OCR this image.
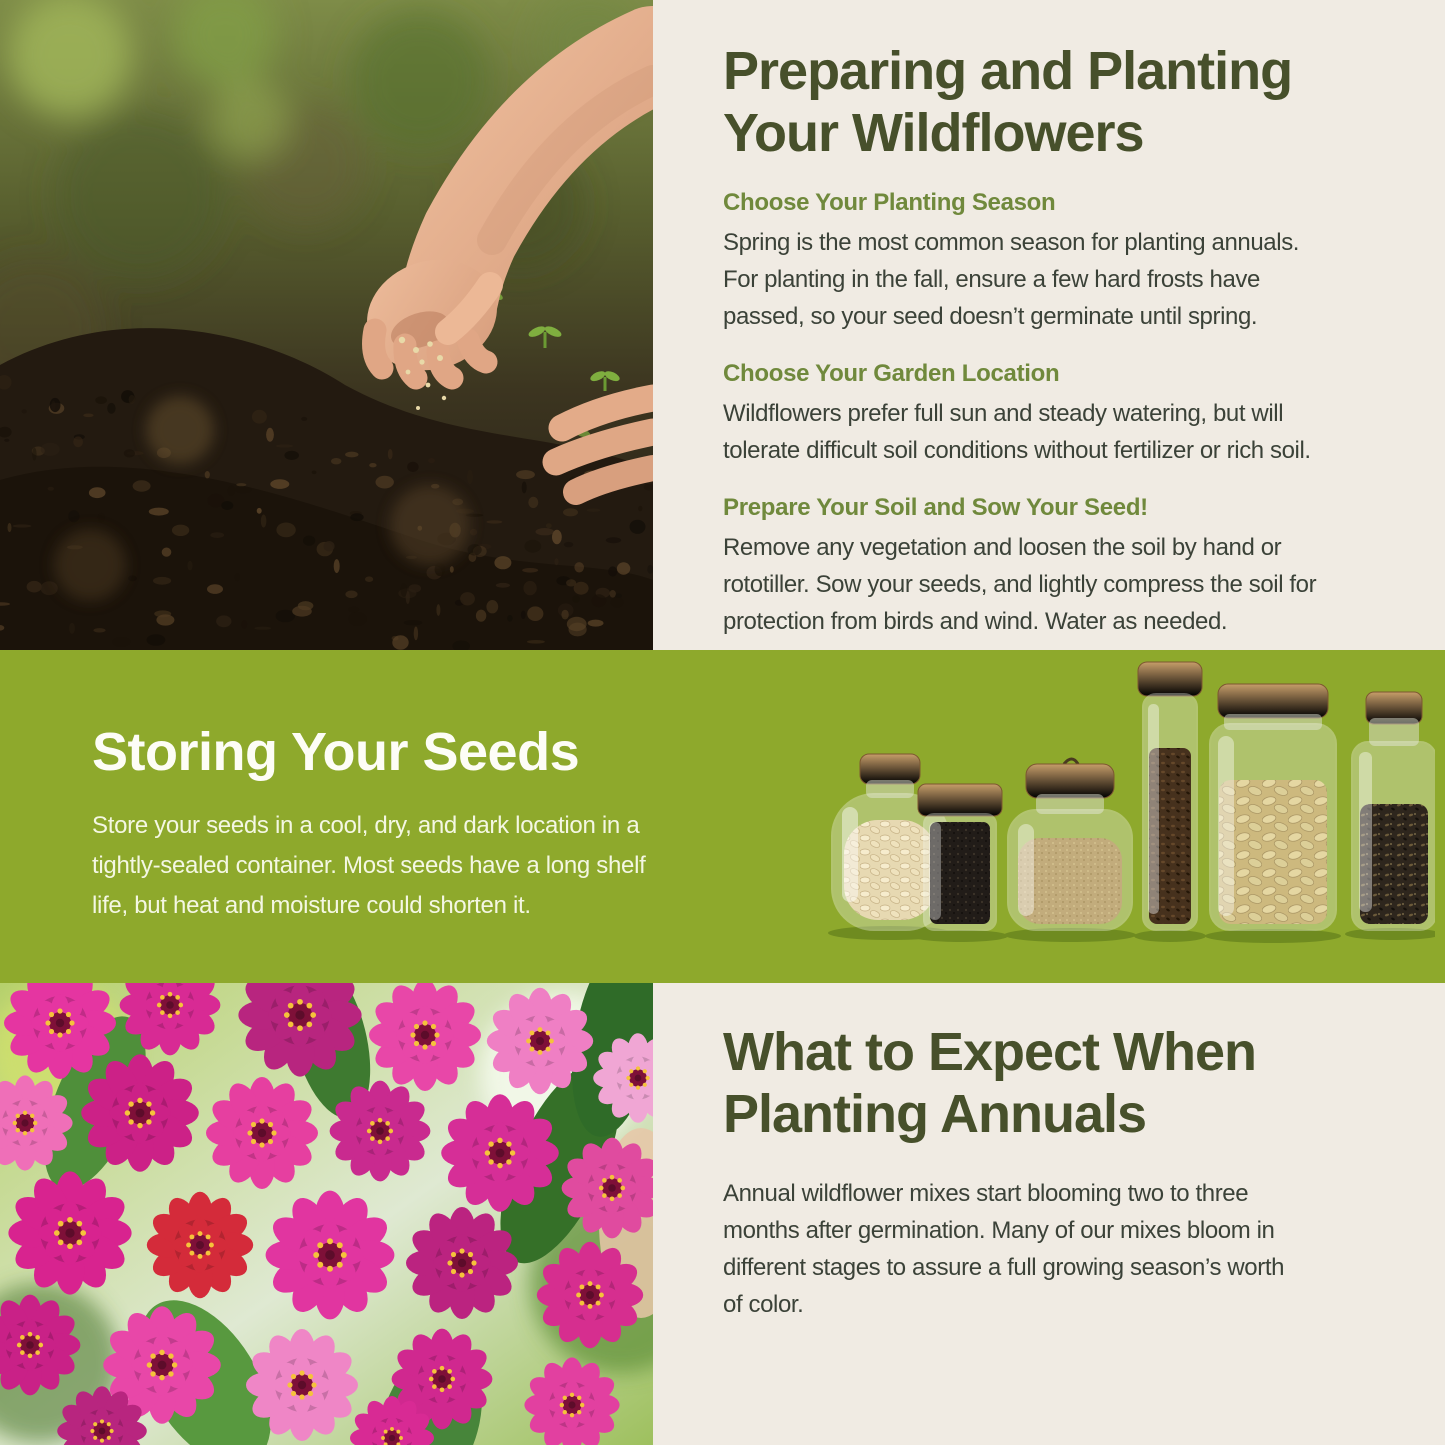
Preparing and Planting
Your Wildflowers
Choose Your Planting Season
Spring is the most common season for planting annuals.
For planting in the fall, ensure a few hard frosts have
passed, so your seed doesn’t germinate until spring.
Choose Your Garden Location
Wildflowers prefer full sun and steady watering, but will
tolerate difficult soil conditions without fertilizer or rich soil.
Prepare Your Soil and Sow Your Seed!
Remove any vegetation and loosen the soil by hand or
rototiller. Sow your seeds, and lightly compress the soil for
protection from birds and wind. Water as needed.
Storing Your Seeds
Store your seeds in a cool, dry, and dark location in a
tightly-sealed container. Most seeds have a long shelf
life, but heat and moisture could shorten it.
What to Expect When
Planting Annuals
Annual wildflower mixes start blooming two to three
months after germination. Many of our mixes bloom in
different stages to assure a full growing season’s worth
of color.
